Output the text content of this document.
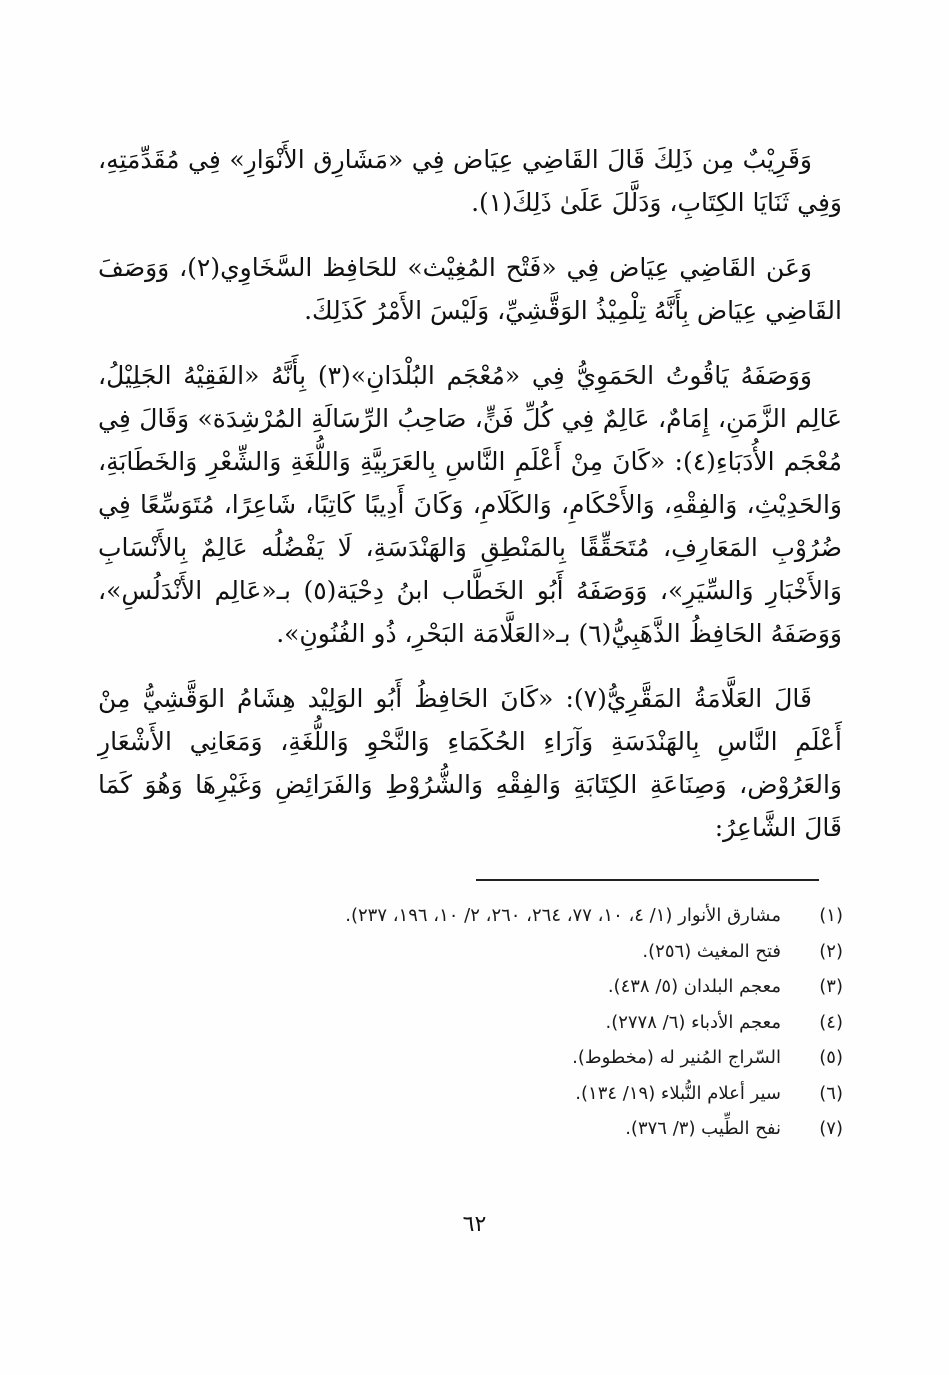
وَقَرِيْبٌ مِن ذَلِكَ قَالَ القَاضِي عِيَاض فِي «مَشَارِق الأَنْوَارِ» فِي مُقَدِّمَتِهِ، وَفِي ثَنَايَا الكِتَابِ، وَدَلَّلَ عَلَىٰ ذَلِكَ(١).

وَعَن القَاضِي عِيَاض فِي «فَتْح المُغِيْث» للحَافِظ السَّخَاوِي(٢)، وَوَصَفَ القَاضِي عِيَاض بِأَنَّهُ تِلْمِيْذُ الوَقَّشِيِّ، وَلَيْسَ الأَمْرُ كَذَلِكَ.

وَوَصَفَهُ يَاقُوتُ الحَمَوِيُّ فِي «مُعْجَم البُلْدَانِ»(٣) بِأَنَّهُ «الفَقِيْهُ الجَلِيْلُ، عَالِم الزَّمَنِ، إِمَامٌ، عَالِمٌ فِي كُلِّ فَنٍّ، صَاحِبُ الرِّسَالَةِ المُرْشِدَة» وَقَالَ فِي مُعْجَم الأُدَبَاءِ(٤): «كَانَ مِنْ أَعْلَمِ النَّاسِ بِالعَرَبِيَّةِ وَاللُّغَةِ وَالشِّعْرِ وَالخَطَابَةِ، وَالحَدِيْثِ، وَالفِقْهِ، وَالأَحْكَامِ، وَالكَلَامِ، وَكَانَ أَدِيبًا كَاتِبًا، شَاعِرًا، مُتَوَسِّعًا فِي ضُرُوْبِ المَعَارِفِ، مُتَحَقِّقًا بِالمَنْطِقِ وَالهَنْدَسَةِ، لَا يَفْضُلُه عَالِمٌ بِالأَنْسَابِ وَالأَخْبَارِ وَالسِّيَرِ»، وَوَصَفَهُ أَبُو الخَطَّاب ابنُ دِحْيَة(٥) بـ«عَالِم الأَنْدَلُسِ»، وَوَصَفَهُ الحَافِظُ الذَّهَبِيُّ(٦) بـ«العَلَّامَة البَحْرِ، ذُو الفُنُونِ».

قَالَ العَلَّامَةُ المَقَّرِيُّ(٧): «كَانَ الحَافِظُ أَبُو الوَلِيْد هِشَامُ الوَقَّشِيُّ مِنْ أَعْلَمِ النَّاسِ بِالهَنْدَسَةِ وَآرَاءِ الحُكَمَاءِ وَالنَّحْوِ وَاللُّغَةِ، وَمَعَانِي الأَشْعَارِ وَالعَرُوْض، وَصِنَاعَةِ الكِتَابَةِ وَالفِقْهِ وَالشُّرُوْطِ وَالفَرَائِضِ وَغَيْرِهَا وَهُوَ كَمَا قَالَ الشَّاعِرُ:

(١)
مشارق الأنوار (١/ ٤، ١٠، ٧٧، ٢٦٤، ٢٦٠، ٢/ ١٠، ١٩٦، ٢٣٧).
(٢)
فتح المغيث (٢٥٦).
(٣)
معجم البلدان (٥/ ٤٣٨).
(٤)
معجم الأدباء (٦/ ٢٧٧٨).
(٥)
السّراج المُنير له (مخطوط).
(٦)
سير أعلام النُّبلاء (١٩/ ١٣٤).
(٧)
نفح الطِّيب (٣/ ٣٧٦).
٦٢
